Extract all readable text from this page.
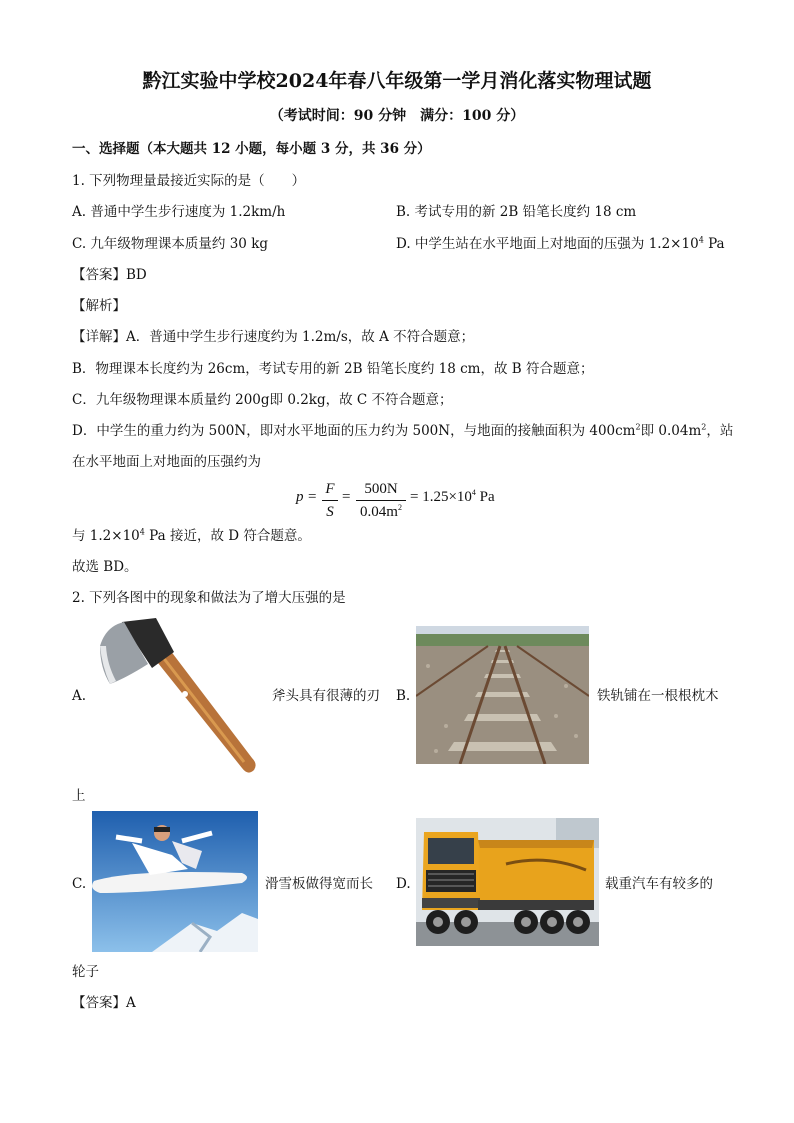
黔江实验中学校2024年春八年级第一学月消化落实物理试题
（考试时间：90 分钟　满分：100 分）
一、选择题（本大题共 12 小题，每小题 3 分，共 36 分）
1. 下列物理量最接近实际的是（　　）
A. 普通中学生步行速度为 1.2km/h	B. 考试专用的新 2B 铅笔长度约 18 cm
C. 九年级物理课本质量约 30 kg	D. 中学生站在水平地面上对地面的压强为 $1.2\times 10^4$ Pa
【答案】BD
【解析】
【详解】A．普通中学生步行速度约为 1.2m/s，故 A 不符合题意；
B．物理课本长度约为 26cm，考试专用的新 2B 铅笔长度约 18 cm，故 B 符合题意；
C．九年级物理课本质量约 200g即 0.2kg，故 C 不符合题意；
D．中学生的重力约为 500N，即对水平地面的压力约为 500N，与地面的接触面积为 $400cm^2$即 $0.04m^2$，站
在水平地面上对地面的压强约为
p = F
S
= 500N
$0.04m^2$
= $1.25\times 10^4$ Pa
与 $1.2\times 10^4$ Pa 接近，故 D 符合题意。
故选 BD。
2. 下列各图中的现象和做法为了增大压强的是
A.	斧头具有很薄的刃 B.	铁轨铺在一根根枕木
上
C.	滑雪板做得宽而长 D.	载重汽车有较多的
轮子
【答案】A
